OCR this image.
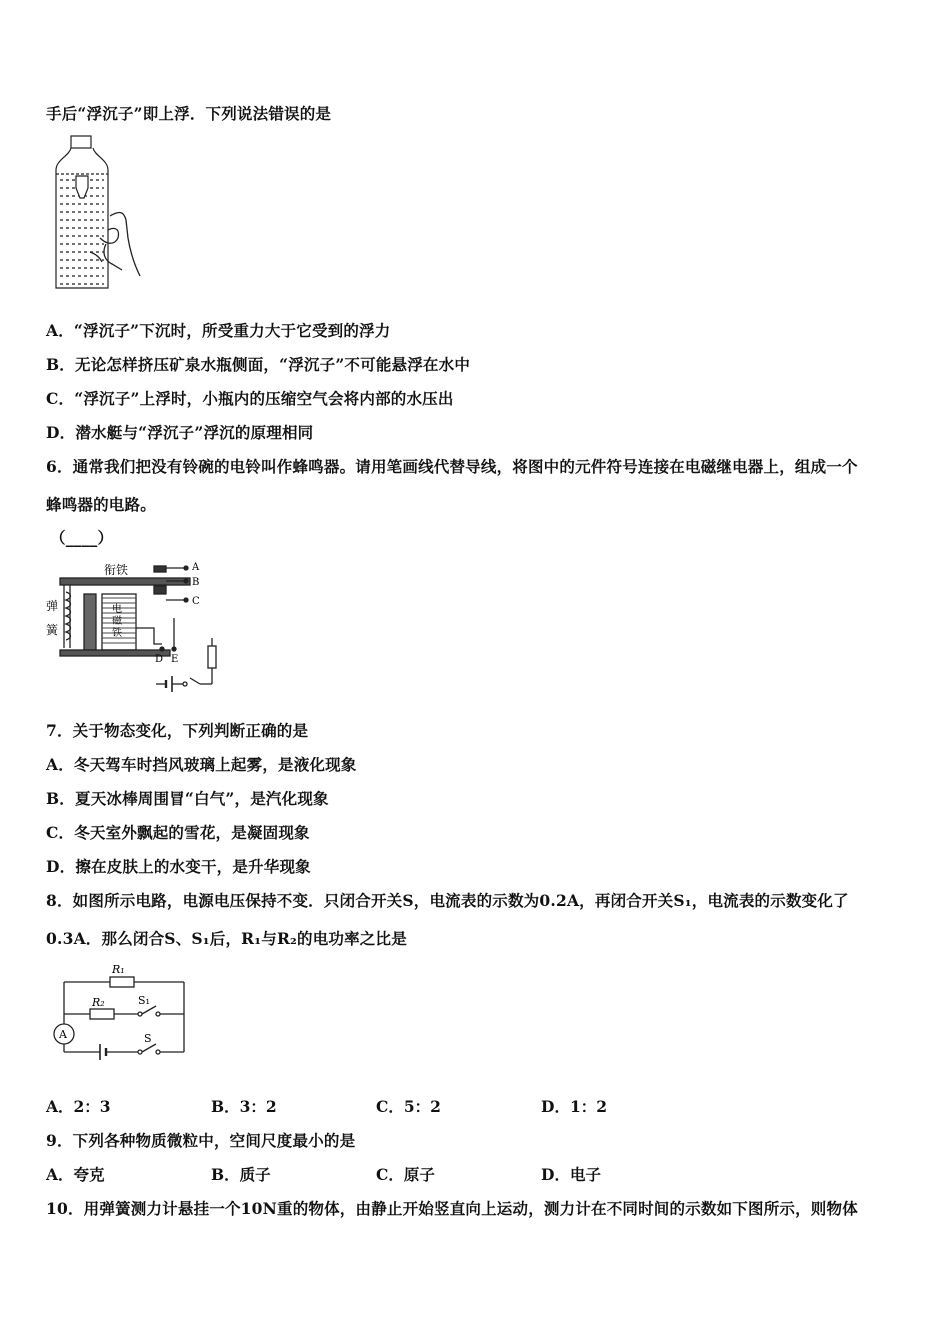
手后“浮沉子”即上浮．下列说法错误的是
A．“浮沉子”下沉时，所受重力大于它受到的浮力
B．无论怎样挤压矿泉水瓶侧面，“浮沉子”不可能悬浮在水中
C．“浮沉子”上浮时，小瓶内的压缩空气会将内部的水压出
D．潜水艇与“浮沉子”浮沉的原理相同
6．通常我们把没有铃碗的电铃叫作蜂鸣器。请用笔画线代替导线，将图中的元件符号连接在电磁继电器上，组成一个
蜂鸣器的电路。
（____）
衔铁
弹
簧
电
磁
铁
A
B
C
D E
7．关于物态变化，下列判断正确的是
A．冬天驾车时挡风玻璃上起雾，是液化现象
B．夏天冰棒周围冒“白气”，是汽化现象
C．冬天室外飘起的雪花，是凝固现象
D．擦在皮肤上的水变干，是升华现象
8．如图所示电路，电源电压保持不变．只闭合开关S，电流表的示数为0.2A，再闭合开关S₁，电流表的示数变化了
0.3A．那么闭合S、S₁后，R₁与R₂的电功率之比是
R₁
R₂	S₁
S
A
A．2：3	B．3：2	C．5：2	D．1：2
9．下列各种物质微粒中，空间尺度最小的是
A．夸克	B．质子	C．原子	D．电子
10．用弹簧测力计悬挂一个10N重的物体，由静止开始竖直向上运动，测力计在不同时间的示数如下图所示，则物体
